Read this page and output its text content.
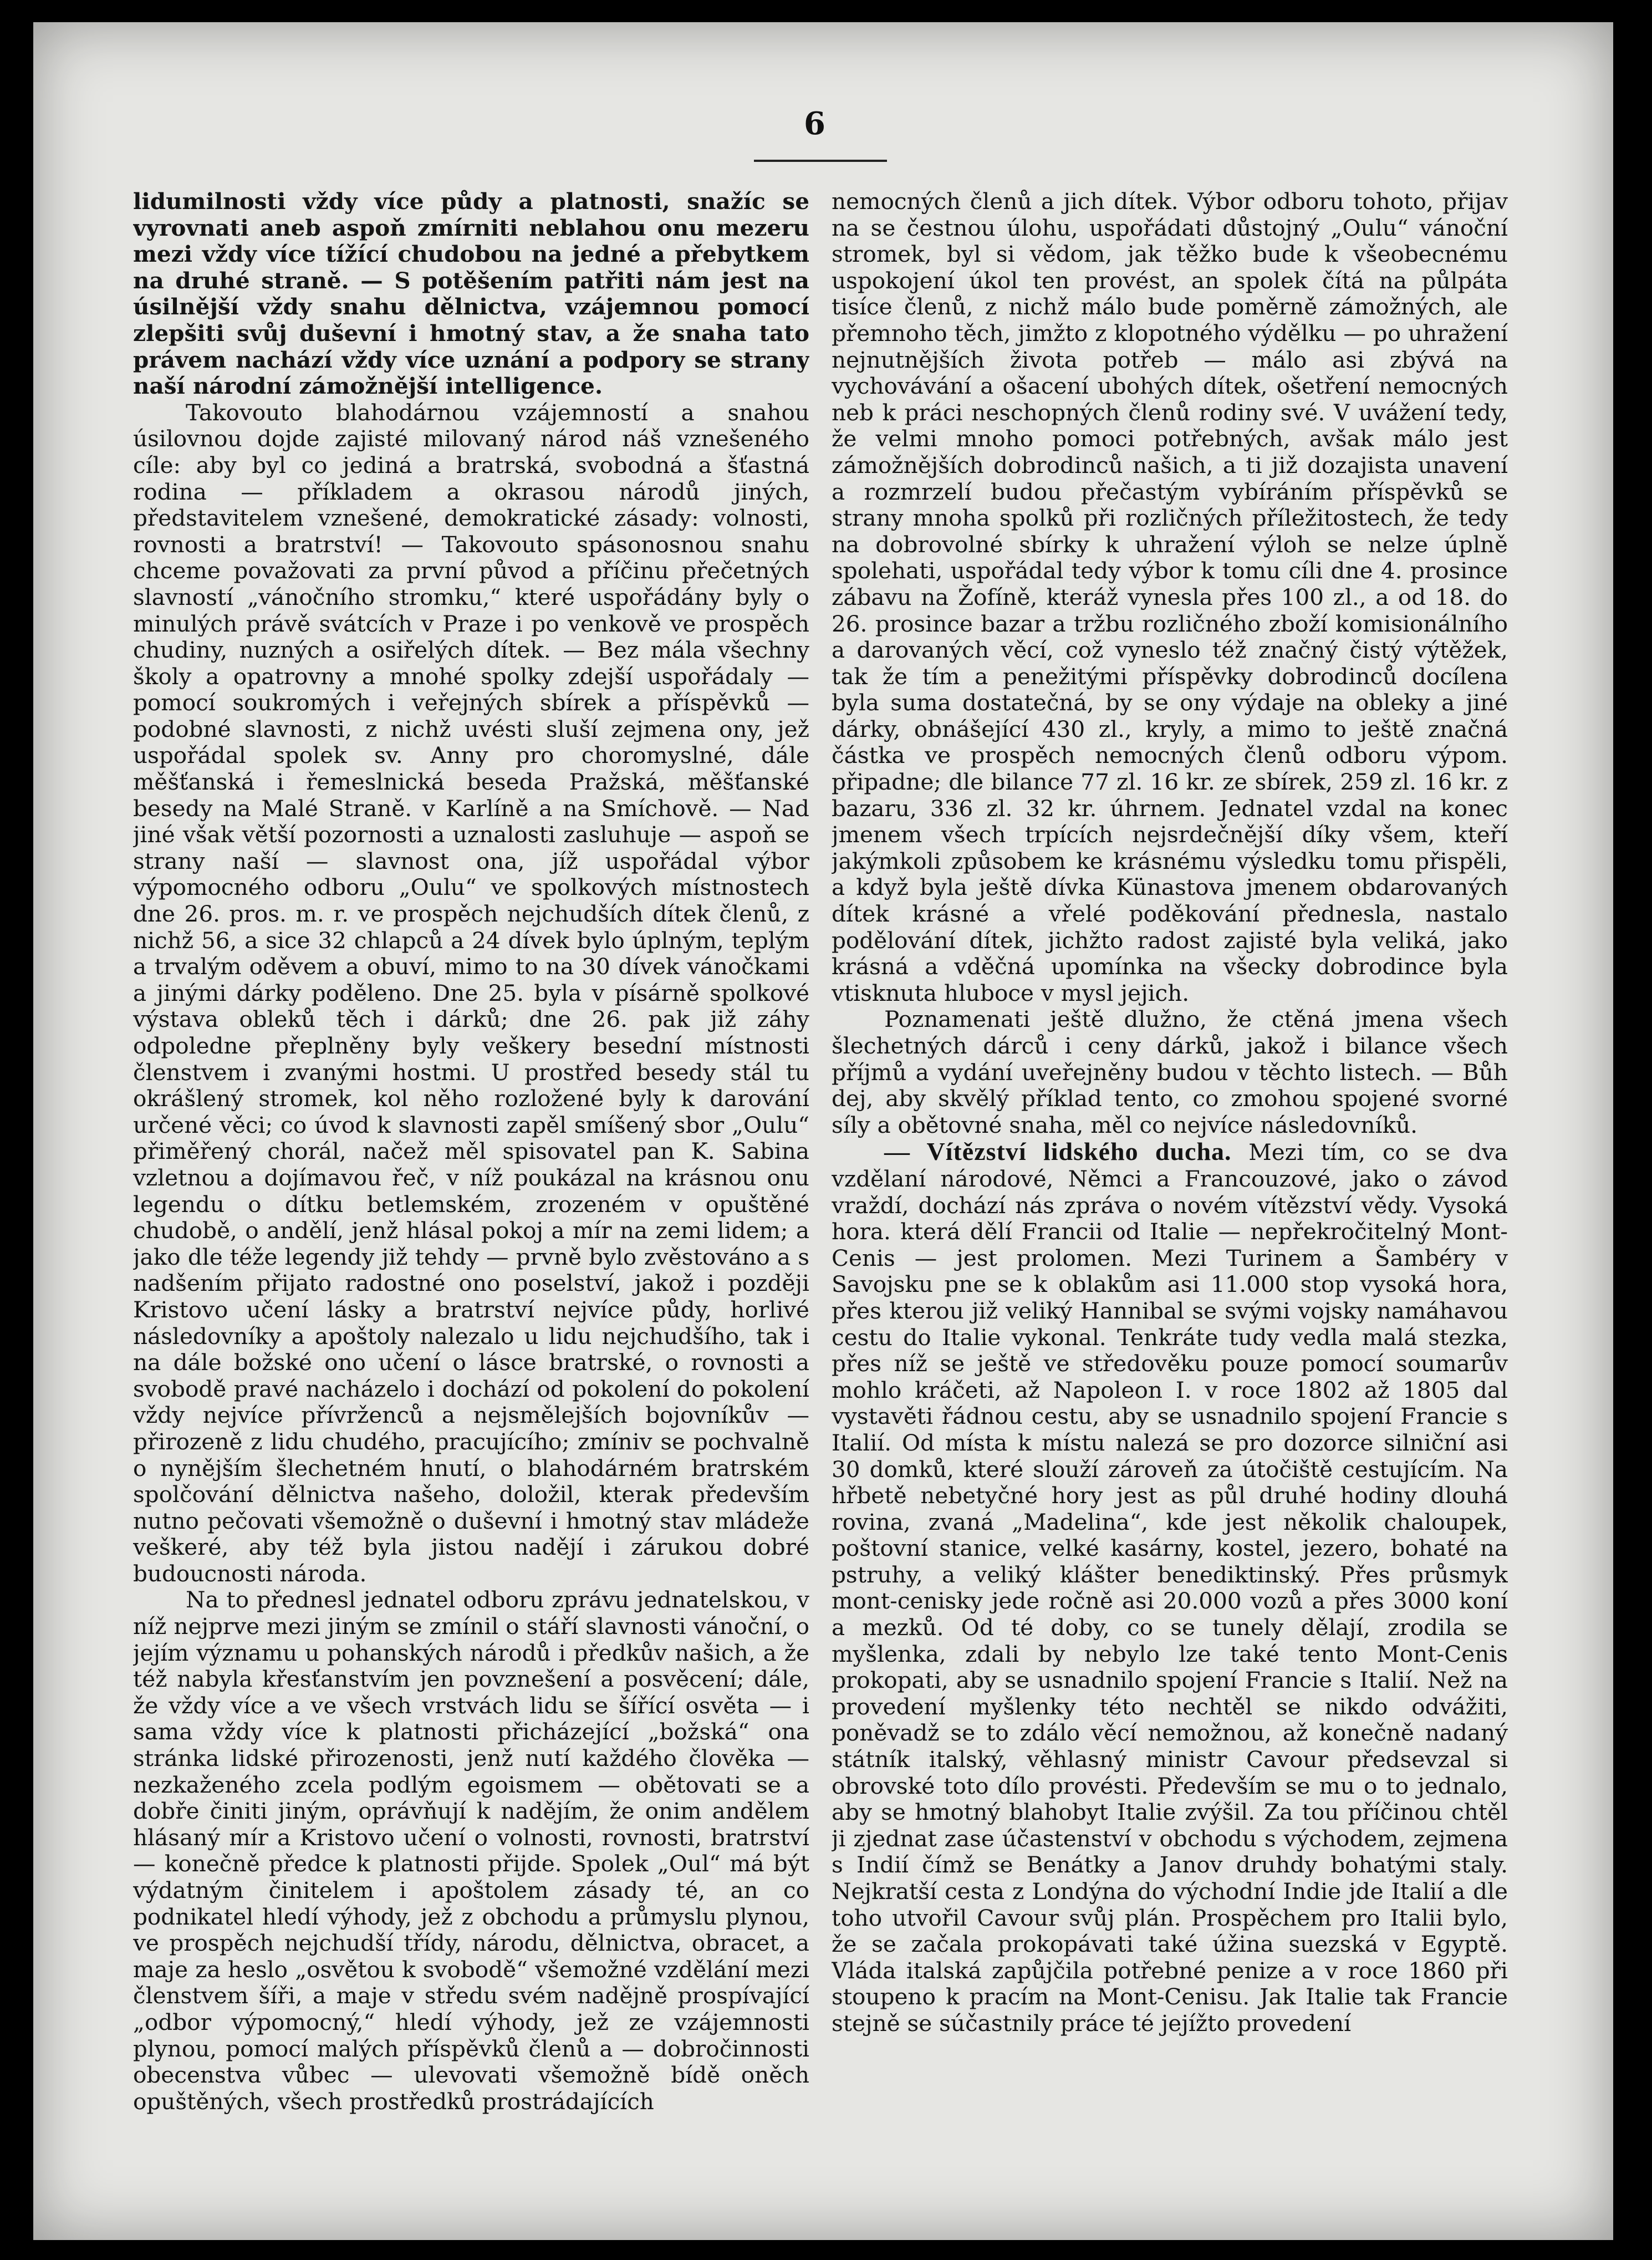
6

lidumilnosti vždy více půdy a platnosti, snažíc se vyrovnati aneb aspoň zmírniti neblahou onu mezeru mezi vždy více tížící chudobou na jedné a přebytkem na druhé straně. — S potěšením patřiti nám jest na úsilnější vždy snahu dělnictva, vzájemnou pomocí zlepšiti svůj duševní i hmotný stav, a že snaha tato právem nachází vždy více uznání a podpory se strany naší národní zámožnější intelligence.

Takovouto blahodárnou vzájemností a snahou úsilovnou dojde zajisté milovaný národ náš vznešeného cíle: aby byl co jediná a bratrská, svobodná a šťastná rodina — příkladem a okrasou národů jiných, představitelem vznešené, demokratické zásady: volnosti, rovnosti a bratrství! — Takovouto spásonosnou snahu chceme považovati za první původ a příčinu přečetných slavností „vánočního stromku,“ které uspořádány byly o minulých právě svátcích v Praze i po venkově ve prospěch chudiny, nuzných a osiřelých dítek. — Bez mála všechny školy a opatrovny a mnohé spolky zdejší uspořádaly — pomocí soukromých i veřejných sbírek a příspěvků — podobné slavnosti, z nichž uvésti sluší zejmena ony, jež uspořádal spolek sv. Anny pro choromyslné, dále měšťanská i řemeslnická beseda Pražská, měšťanské besedy na Malé Straně. v Karlíně a na Smíchově. — Nad jiné však větší pozornosti a uznalosti zasluhuje — aspoň se strany naší — slavnost ona, jíž uspořádal výbor výpomocného odboru „Oulu“ ve spolkových místnostech dne 26. pros. m. r. ve prospěch nejchudších dítek členů, z nichž 56, a sice 32 chlapců a 24 dívek bylo úplným, teplým a trvalým oděvem a obuví, mimo to na 30 dívek vánočkami a jinými dárky poděleno. Dne 25. byla v písárně spolkové výstava obleků těch i dárků; dne 26. pak již záhy odpoledne přeplněny byly veškery besední místnosti členstvem i zvanými hostmi. U prostřed besedy stál tu okrášlený stromek, kol něho rozložené byly k darování určené věci; co úvod k slavnosti zapěl smíšený sbor „Oulu“ přiměřený chorál, načež měl spisovatel pan K. Sabina vzletnou a dojímavou řeč, v níž poukázal na krásnou onu legendu o dítku betlemském, zrozeném v opuštěné chudobě, o andělí, jenž hlásal pokoj a mír na zemi lidem; a jako dle téže legendy již tehdy — prvně bylo zvěstováno a s nadšením přijato radostné ono poselství, jakož i později Kristovo učení lásky a bratrství nejvíce půdy, horlivé následovníky a apoštoly nalezalo u lidu nejchudšího, tak i na dále božské ono učení o lásce bratrské, o rovnosti a svobodě pravé nacházelo i dochází od pokolení do pokolení vždy nejvíce přívrženců a nejsmělejších bojovníkův — přirozeně z lidu chudého, pracujícího; zmíniv se pochvalně o nynějším šlechetném hnutí, o blahodárném bratrském spolčování dělnictva našeho, doložil, kterak především nutno pečovati všemožně o duševní i hmotný stav mládeže veškeré, aby též byla jistou nadějí i zárukou dobré budoucnosti národa.

Na to přednesl jednatel odboru zprávu jednatelskou, v níž nejprve mezi jiným se zmínil o stáří slavnosti vánoční, o jejím významu u pohanských národů i předkův našich, a že též nabyla křesťanstvím jen povznešení a posvěcení; dále, že vždy více a ve všech vrstvách lidu se šířící osvěta — i sama vždy více k platnosti přicházející „božská“ ona stránka lidské přirozenosti, jenž nutí každého člověka — nezkaženého zcela podlým egoismem — obětovati se a dobře činiti jiným, oprávňují k nadějím, že onim andělem hlásaný mír a Kristovo učení o volnosti, rovnosti, bratrství — konečně předce k platnosti přijde. Spolek „Oul“ má být výdatným činitelem i apoštolem zásady té, an co podnikatel hledí výhody, jež z obchodu a průmyslu plynou, ve prospěch nejchudší třídy, národu, dělnictva, obracet, a maje za heslo „osvětou k svobodě“ všemožné vzdělání mezi členstvem šíři, a maje v středu svém nadějně prospívající „odbor výpomocný,“ hledí výhody, jež ze vzájemnosti plynou, pomocí malých příspěvků členů a — dobročinnosti obecenstva vůbec — ulevovati všemožně bídě oněch opuštěných, všech prostředků prostrádajících

nemocných členů a jich dítek. Výbor odboru tohoto, přijav na se čestnou úlohu, uspořádati důstojný „Oulu“ vánoční stromek, byl si vědom, jak těžko bude k všeobecnému uspokojení úkol ten provést, an spolek čítá na půlpáta tisíce členů, z nichž málo bude poměrně zámožných, ale přemnoho těch, jimžto z klopotného výdělku — po uhražení nejnutnějších života potřeb — málo asi zbývá na vychovávání a ošacení ubohých dítek, ošetření nemocných neb k práci neschopných členů rodiny své. V uvážení tedy, že velmi mnoho pomoci potřebných, avšak málo jest zámožnějších dobrodinců našich, a ti již dozajista unavení a rozmrzelí budou přečastým vybíráním příspěvků se strany mnoha spolků při rozličných příležitostech, že tedy na dobrovolné sbírky k uhražení výloh se nelze úplně spolehati, uspořádal tedy výbor k tomu cíli dne 4. prosince zábavu na Žofíně, kteráž vynesla přes 100 zl., a od 18. do 26. prosince bazar a tržbu rozličného zboží komisionálního a darovaných věcí, což vyneslo též značný čistý výtěžek, tak že tím a penežitými příspěvky dobrodinců docílena byla suma dostatečná, by se ony výdaje na obleky a jiné dárky, obnášející 430 zl., kryly, a mimo to ještě značná částka ve prospěch nemocných členů odboru výpom. připadne; dle bilance 77 zl. 16 kr. ze sbírek, 259 zl. 16 kr. z bazaru, 336 zl. 32 kr. úhrnem. Jednatel vzdal na konec jmenem všech trpících nejsrdečnější díky všem, kteří jakýmkoli způsobem ke krásnému výsledku tomu přispěli, a když byla ještě dívka Künastova jmenem obdarovaných dítek krásné a vřelé poděkování přednesla, nastalo podělování dítek, jichžto radost zajisté byla veliká, jako krásná a vděčná upomínka na všecky dobrodince byla vtisknuta hluboce v mysl jejich.

Poznamenati ještě dlužno, že ctěná jmena všech šlechetných dárců i ceny dárků, jakož i bilance všech příjmů a vydání uveřejněny budou v těchto listech. — Bůh dej, aby skvělý příklad tento, co zmohou spojené svorné síly a obětovné snaha, měl co nejvíce následovníků.

— Vítězství lidského ducha. Mezi tím, co se dva vzdělaní národové, Němci a Francouzové, jako o závod vraždí, dochází nás zpráva o novém vítězství vědy. Vysoká hora. která dělí Francii od Italie — nepřekročitelný Mont-Cenis — jest prolomen. Mezi Turinem a Šambéry v Savojsku pne se k oblakům asi 11.000 stop vysoká hora, přes kterou již veliký Hannibal se svými vojsky namáhavou cestu do Italie vykonal. Tenkráte tudy vedla malá stezka, přes níž se ještě ve středověku pouze pomocí soumarův mohlo kráčeti, až Napoleon I. v roce 1802 až 1805 dal vystavěti řádnou cestu, aby se usnadnilo spojení Francie s Italií. Od místa k místu nalezá se pro dozorce silniční asi 30 domků, které slouží zároveň za útočiště cestujícím. Na hřbetě nebetyčné hory jest as půl druhé hodiny dlouhá rovina, zvaná „Madelina“, kde jest několik chaloupek, poštovní stanice, velké kasárny, kostel, jezero, bohaté na pstruhy, a veliký klášter benediktinský. Přes průsmyk mont-cenisky jede ročně asi 20.000 vozů a přes 3000 koní a mezků. Od té doby, co se tunely dělají, zrodila se myšlenka, zdali by nebylo lze také tento Mont-Cenis prokopati, aby se usnadnilo spojení Francie s Italií. Než na provedení myšlenky této nechtěl se nikdo odvážiti, poněvadž se to zdálo věcí nemožnou, až konečně nadaný státník italský, věhlasný ministr Cavour předsevzal si obrovské toto dílo provésti. Především se mu o to jednalo, aby se hmotný blahobyt Italie zvýšil. Za tou příčinou chtěl ji zjednat zase účastenství v obchodu s východem, zejmena s Indií čímž se Benátky a Janov druhdy bohatými staly. Nejkratší cesta z Londýna do východní Indie jde Italií a dle toho utvořil Cavour svůj plán. Prospěchem pro Italii bylo, že se začala prokopávati také úžina suezská v Egyptě. Vláda italská zapůjčila potřebné penize a v roce 1860 při stoupeno k pracím na Mont-Cenisu. Jak Italie tak Francie stejně se súčastnily práce té jejížto provedení
